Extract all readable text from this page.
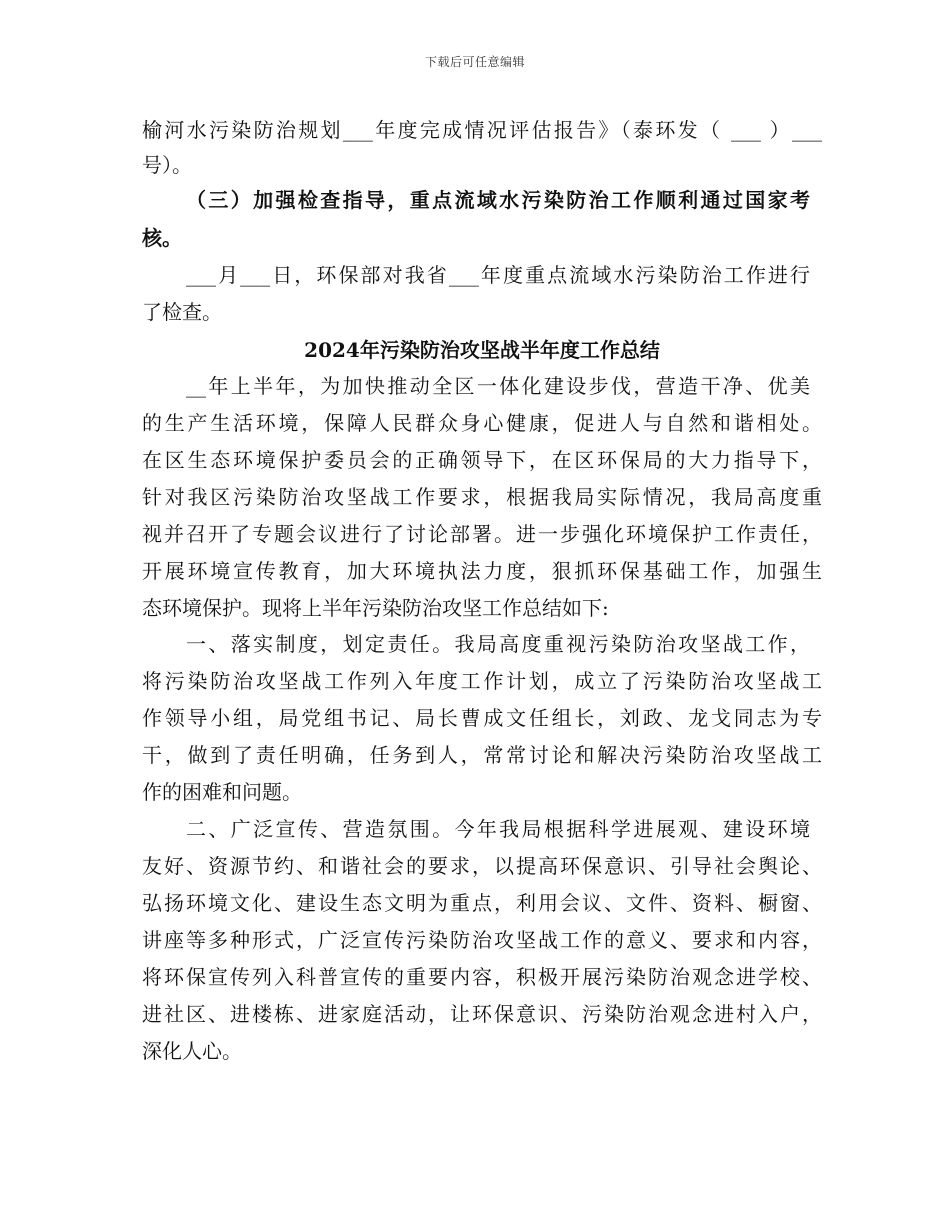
下载后可任意编辑
榆河水污染防治规划___年度完成情况评估报告》（泰环发（ ___ ）___
号）。
（三）加强检查指导，重点流域水污染防治工作顺利通过国家考
核。
___月___日，环保部对我省___年度重点流域水污染防治工作进行
了检查。
2024年污染防治攻坚战半年度工作总结
__年上半年，为加快推动全区一体化建设步伐，营造干净、优美
的生产生活环境，保障人民群众身心健康，促进人与自然和谐相处。
在区生态环境保护委员会的正确领导下，在区环保局的大力指导下，
针对我区污染防治攻坚战工作要求，根据我局实际情况，我局高度重
视并召开了专题会议进行了讨论部署。进一步强化环境保护工作责任，
开展环境宣传教育，加大环境执法力度，狠抓环保基础工作，加强生
态环境保护。现将上半年污染防治攻坚工作总结如下:
一、落实制度，划定责任。我局高度重视污染防治攻坚战工作，
将污染防治攻坚战工作列入年度工作计划，成立了污染防治攻坚战工
作领导小组，局党组书记、局长曹成文任组长，刘政、龙戈同志为专
干，做到了责任明确，任务到人，常常讨论和解决污染防治攻坚战工
作的困难和问题。
二、广泛宣传、营造氛围。今年我局根据科学进展观、建设环境
友好、资源节约、和谐社会的要求，以提高环保意识、引导社会舆论、
弘扬环境文化、建设生态文明为重点，利用会议、文件、资料、橱窗、
讲座等多种形式，广泛宣传污染防治攻坚战工作的意义、要求和内容，
将环保宣传列入科普宣传的重要内容，积极开展污染防治观念进学校、
进社区、进楼栋、进家庭活动，让环保意识、污染防治观念进村入户，
深化人心。
